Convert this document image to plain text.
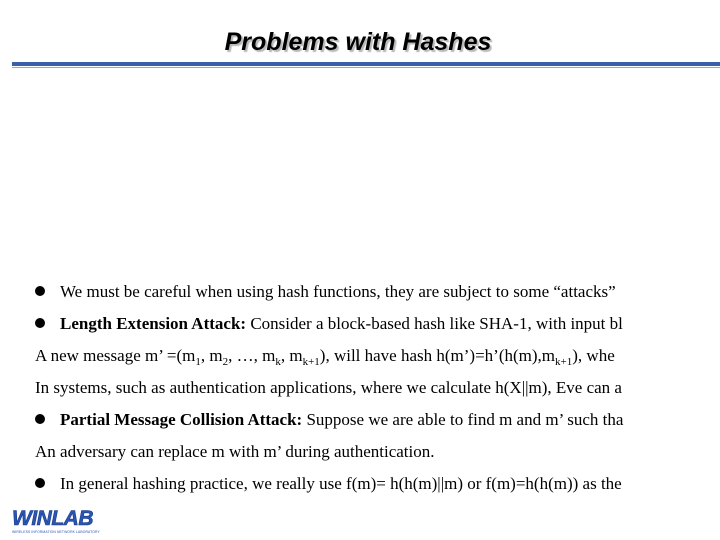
Problems with Hashes
We must be careful when using hash functions, they are subject to some “attacks”
Length Extension Attack: Consider a block-based hash like SHA-1, with input bl
A new message m’ $=(m_1$, $m_2$, …, $m_k$, $m_{k+1}$), will have hash $h(m’)=h’(h(m),m_{k+1})$, whe
In systems, such as authentication applications, where we calculate h(X||m), Eve can a
Partial Message Collision Attack: Suppose we are able to find m and m’ such tha
An adversary can replace m with m’ during authentication.
In general hashing practice, we really use f(m)= h(h(m)||m) or f(m)=h(h(m)) as the
WINLAB
WIRELESS INFORMATION NETWORK LABORATORY
